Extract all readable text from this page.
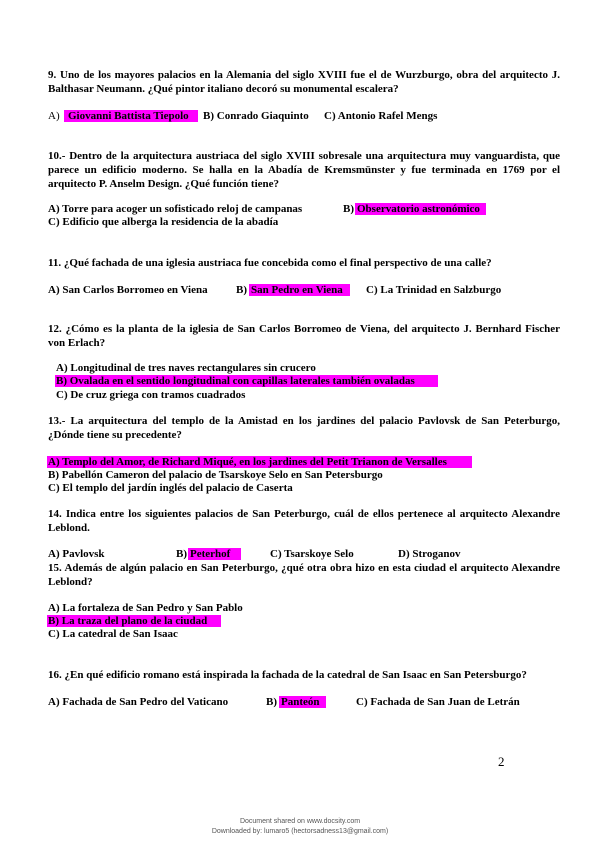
9. Uno de los mayores palacios en la Alemania del siglo XVIII fue el de Wurzburgo, obra del arquitecto J. Balthasar Neumann. ¿Qué pintor italiano decoró su monumental escalera?

A) Giovanni Battista Tiepolo B) Conrado Giaquinto C) Antonio Rafel Mengs

10.- Dentro de la arquitectura austriaca del siglo XVIII sobresale una arquitectura muy vanguardista, que parece un edificio moderno. Se halla en la Abadía de Kremsmünster y fue terminada en 1769 por el arquitecto P. Anselm Design. ¿Qué función tiene?

A) Torre para acoger un sofisticado reloj de campanas	B) Observatorio astronómico
C) Edificio que alberga la residencia de la abadía

11. ¿Qué fachada de una iglesia austriaca fue concebida como el final perspectivo de una calle?

A) San Carlos Borromeo en Viena	B) San Pedro en Viena C) La Trinidad en Salzburgo

12. ¿Cómo es la planta de la iglesia de San Carlos Borromeo de Viena, del arquitecto J. Bernhard Fischer von Erlach?

A) Longitudinal de tres naves rectangulares sin crucero
B) Ovalada en el sentido longitudinal con capillas laterales también ovaladas
C) De cruz griega con tramos cuadrados

13.- La arquitectura del templo de la Amistad en los jardines del palacio Pavlovsk de San Peterburgo, ¿Dónde tiene su precedente?

A) Templo del Amor, de Richard Miqué, en los jardines del Petit Trianon de Versalles
B) Pabellón Cameron del palacio de Tsarskoye Selo en San Petersburgo
C) El templo del jardín inglés del palacio de Caserta

14. Indica entre los siguientes palacios de San Peterburgo, cuál de ellos pertenece al arquitecto Alexandre Leblond.

A) Pavlovsk	B) Peterhof	C) Tsarskoye Selo	D) Stroganov

15. Además de algún palacio en San Peterburgo, ¿qué otra obra hizo en esta ciudad el arquitecto Alexandre Leblond?

A) La fortaleza de San Pedro y San Pablo
B) La traza del plano de la ciudad
C) La catedral de San Isaac

16. ¿En qué edificio romano está inspirada la fachada de la catedral de San Isaac en San Petersburgo?

A) Fachada de San Pedro del Vaticano	B) Panteón	C) Fachada de San Juan de Letrán
2
Document shared on www.docsity.com
Downloaded by: lumaro5 (hectorsadness13@gmail.com)
